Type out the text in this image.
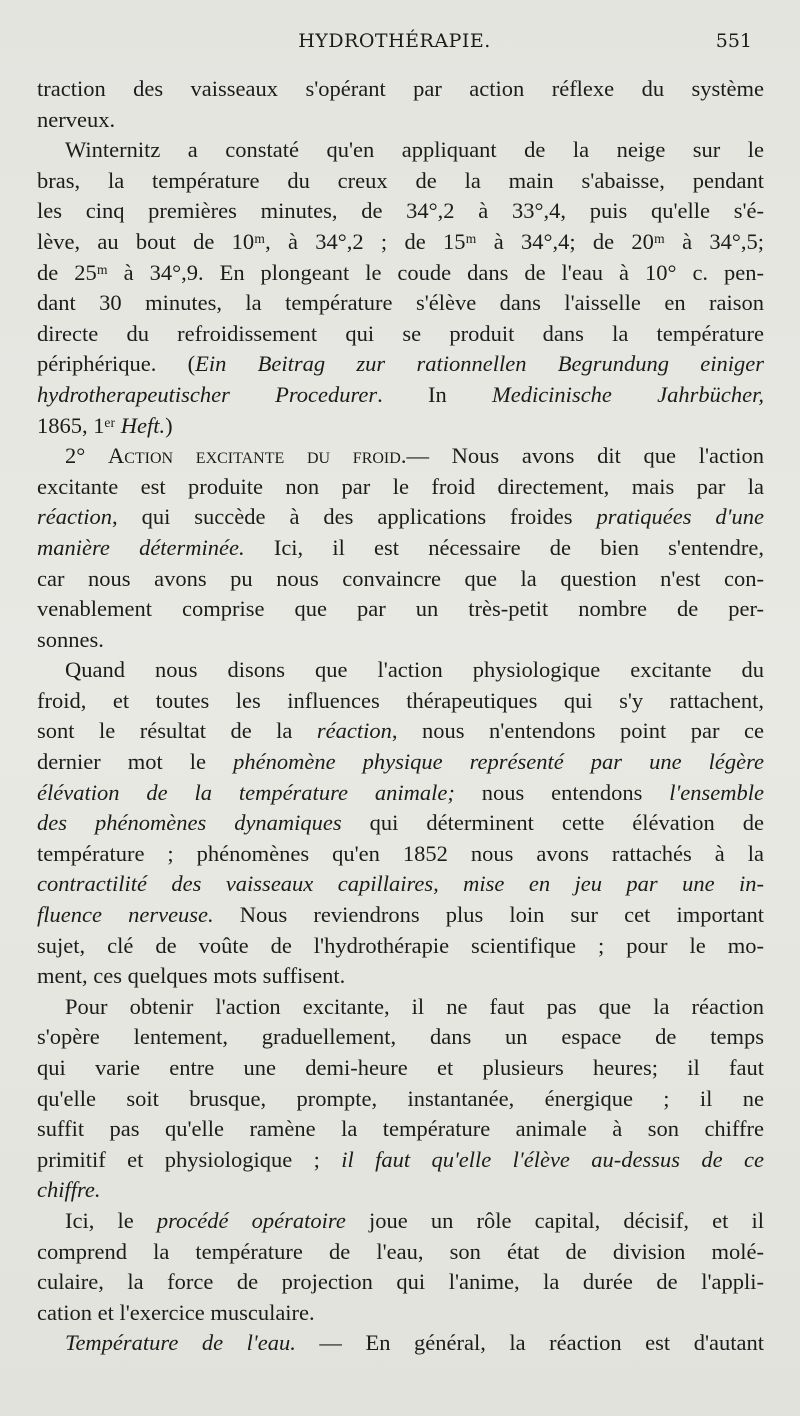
HYDROTHÉRAPIE.	551
traction des vaisseaux s'opérant par action réflexe du système
nerveux.
Winternitz a constaté qu'en appliquant de la neige sur le
bras, la température du creux de la main s'abaisse, pendant
les cinq premières minutes, de 34°,2 à 33°,4, puis qu'elle s'é-
lève, au bout de 10ᵐ, à 34°,2 ; de 15ᵐ à 34°,4; de 20ᵐ à 34°,5;
de 25ᵐ à 34°,9. En plongeant le coude dans de l'eau à 10° c. pen-
dant 30 minutes, la température s'élève dans l'aisselle en raison
directe du refroidissement qui se produit dans la température
périphérique. (Ein Beitrag zur rationnellen Begrundung einiger
hydrotherapeutischer Procedurer. In Medicinische Jahrbücher,
1865, 1ᵉʳ Heft.)
2° Action excitante du froid.— Nous avons dit que l'action
excitante est produite non par le froid directement, mais par la
réaction, qui succède à des applications froides pratiquées d'une
manière déterminée. Ici, il est nécessaire de bien s'entendre,
car nous avons pu nous convaincre que la question n'est con-
venablement comprise que par un très-petit nombre de per-
sonnes.
Quand nous disons que l'action physiologique excitante du
froid, et toutes les influences thérapeutiques qui s'y rattachent,
sont le résultat de la réaction, nous n'entendons point par ce
dernier mot le phénomène physique représenté par une légère
élévation de la température animale; nous entendons l'ensemble
des phénomènes dynamiques qui déterminent cette élévation de
température ; phénomènes qu'en 1852 nous avons rattachés à la
contractilité des vaisseaux capillaires, mise en jeu par une in-
fluence nerveuse. Nous reviendrons plus loin sur cet important
sujet, clé de voûte de l'hydrothérapie scientifique ; pour le mo-
ment, ces quelques mots suffisent.
Pour obtenir l'action excitante, il ne faut pas que la réaction
s'opère lentement, graduellement, dans un espace de temps
qui varie entre une demi-heure et plusieurs heures; il faut
qu'elle soit brusque, prompte, instantanée, énergique ; il ne
suffit pas qu'elle ramène la température animale à son chiffre
primitif et physiologique ; il faut qu'elle l'élève au-dessus de ce
chiffre.
Ici, le procédé opératoire joue un rôle capital, décisif, et il
comprend la température de l'eau, son état de division molé-
culaire, la force de projection qui l'anime, la durée de l'appli-
cation et l'exercice musculaire.
Température de l'eau. — En général, la réaction est d'autant
